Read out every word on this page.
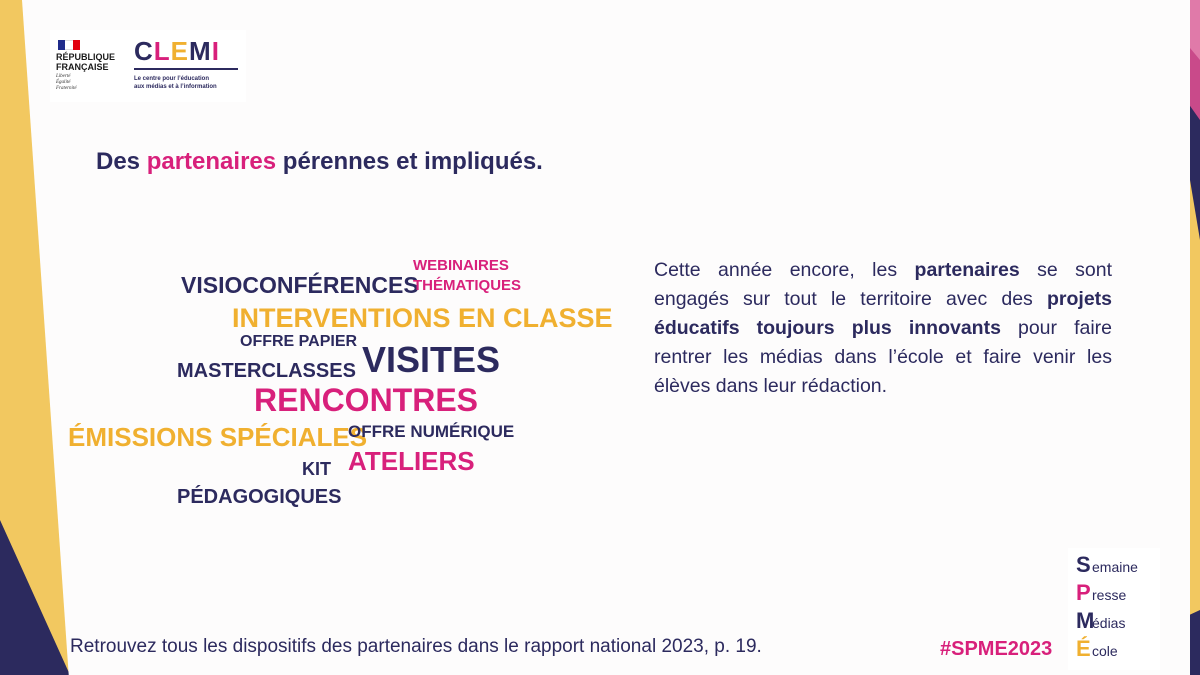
RÉPUBLIQUE
FRANÇAISE
Liberté
Égalité
Fraternité
CLEMI
Le centre pour l’éducation
aux médias et à l’information
Des partenaires pérennes et impliqués.
VISIOCONFÉRENCES
WEBINAIRES
THÉMATIQUES
INTERVENTIONS EN CLASSE
OFFRE PAPIER VISITES
MASTERCLASSES
RENCONTRES
ÉMISSIONS SPÉCIALES
OFFRE NUMÉRIQUE
ATELIERS
KIT
PÉDAGOGIQUES
Cette année encore, les partenaires se sont engagés sur tout le territoire avec des projets éducatifs toujours plus innovants pour faire rentrer les médias dans l’école et faire venir les élèves dans leur rédaction.
Retrouvez tous les dispositifs des partenaires dans le rapport national 2023, p. 19.	#SPME2023
S emaine
P resse
M
édias
É cole
